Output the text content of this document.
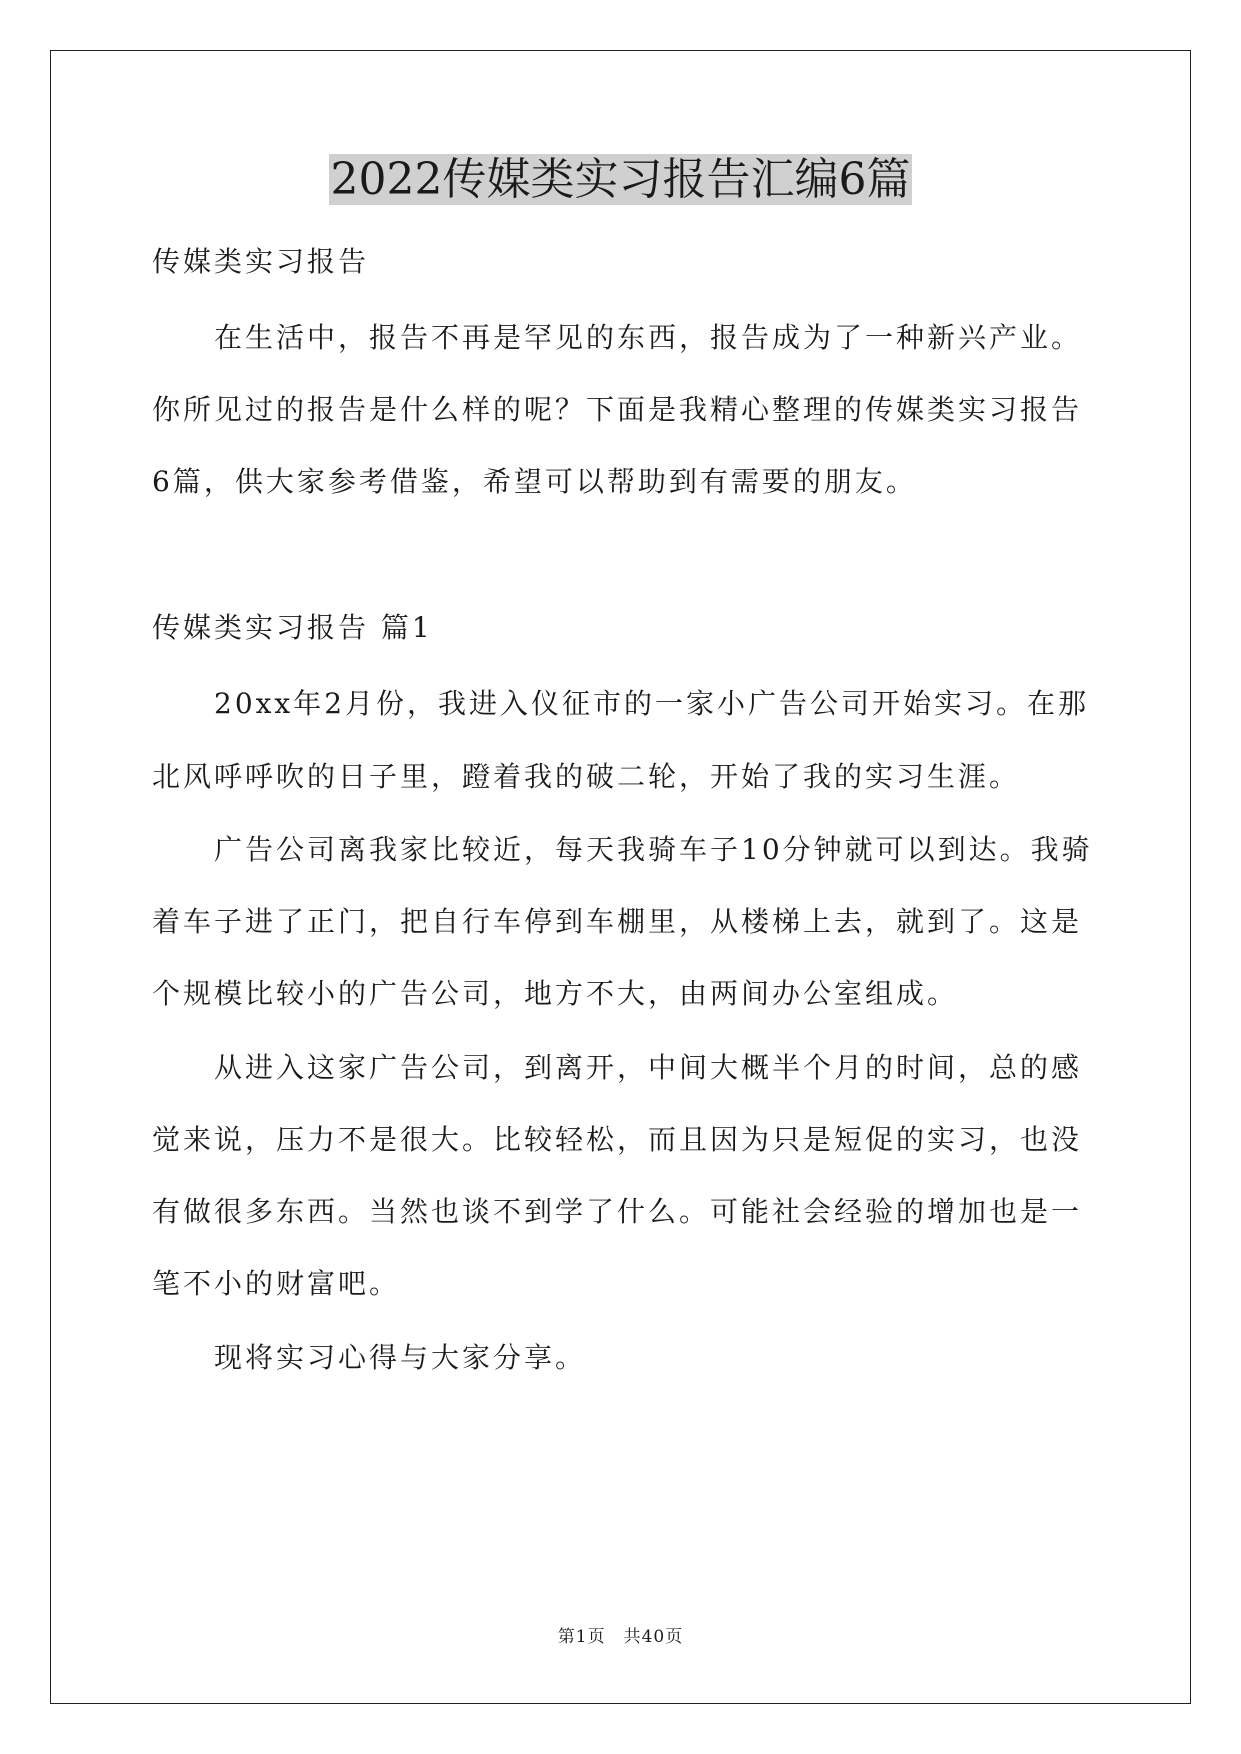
2022传媒类实习报告汇编6篇
传媒类实习报告
在生活中，报告不再是罕见的东西，报告成为了一种新兴产业。
你所见过的报告是什么样的呢？下面是我精心整理的传媒类实习报告
6篇，供大家参考借鉴，希望可以帮助到有需要的朋友。
传媒类实习报告 篇1
20xx年2月份，我进入仪征市的一家小广告公司开始实习。在那
北风呼呼吹的日子里，蹬着我的破二轮，开始了我的实习生涯。
广告公司离我家比较近，每天我骑车子10分钟就可以到达。我骑
着车子进了正门，把自行车停到车棚里，从楼梯上去，就到了。这是
个规模比较小的广告公司，地方不大，由两间办公室组成。
从进入这家广告公司，到离开，中间大概半个月的时间，总的感
觉来说，压力不是很大。比较轻松，而且因为只是短促的实习，也没
有做很多东西。当然也谈不到学了什么。可能社会经验的增加也是一
笔不小的财富吧。
现将实习心得与大家分享。
第1页　共40页
